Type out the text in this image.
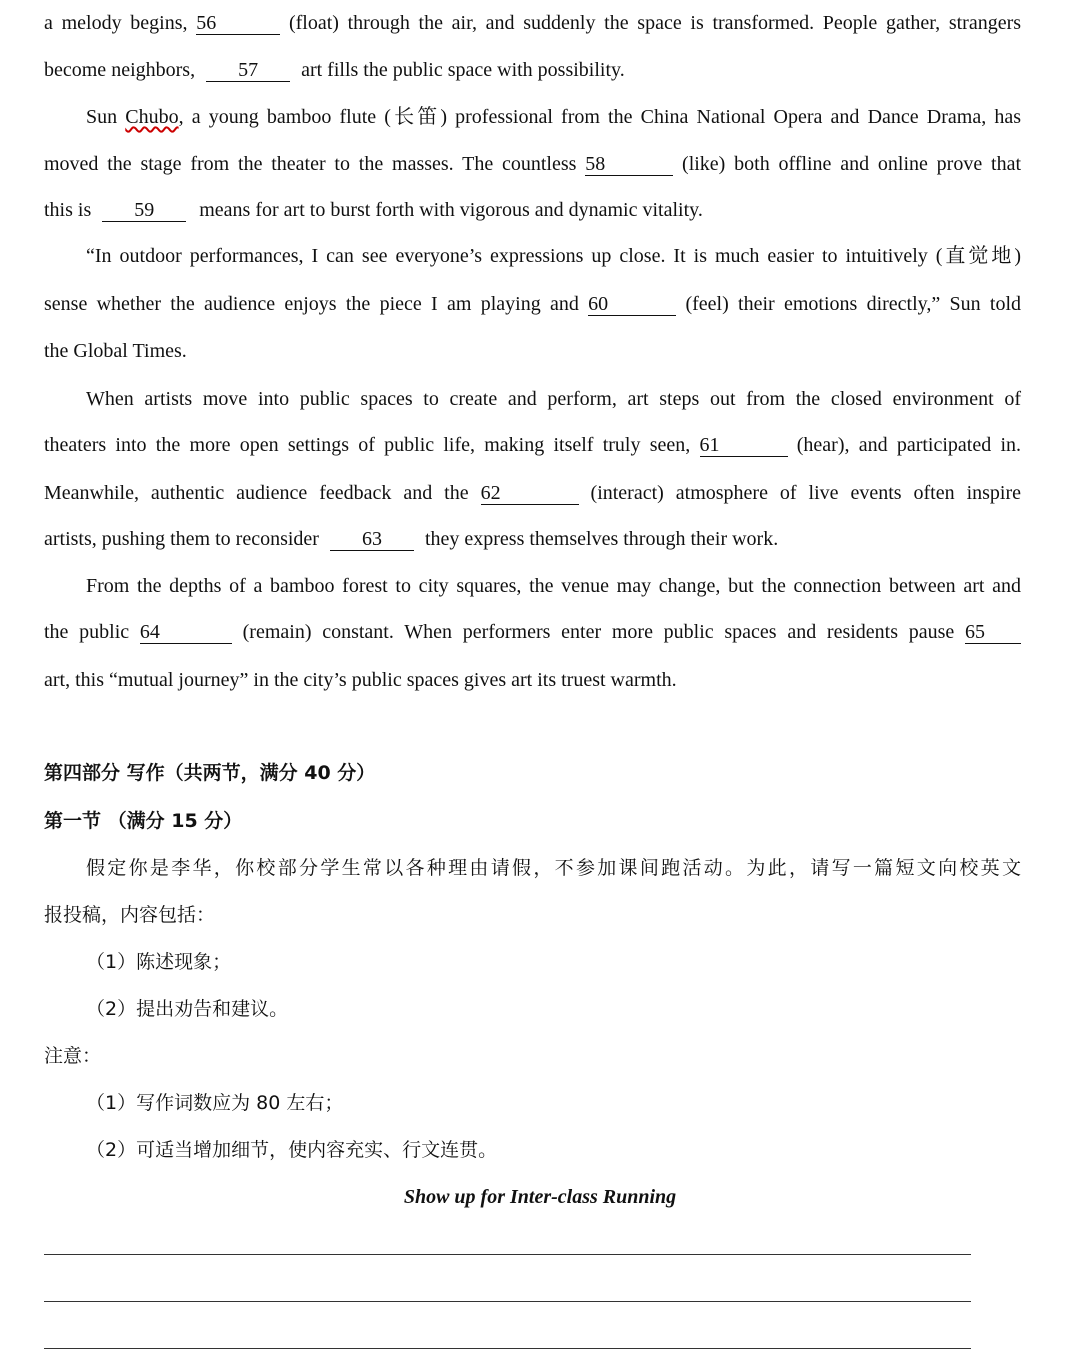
a melody begins, 56	(float) through the air, and suddenly the space is transformed. People gather, strangers
become neighbors, 57 art fills the public space with possibility.
Sun Chubo, a young bamboo flute (长笛) professional from the China National Opera and Dance Drama, has
moved the stage from the theater to the masses. The countless 58	(like) both offline and online prove that
this is 59 means for art to burst forth with vigorous and dynamic vitality.
“In outdoor performances, I can see everyone’s expressions up close. It is much easier to intuitively (直觉地)
sense whether the audience enjoys the piece I am playing and 60	(feel) their emotions directly,” Sun told
the Global Times.
When artists move into public spaces to create and perform, art steps out from the closed environment of
theaters into the more open settings of public life, making itself truly seen, 61	(hear), and participated in.
Meanwhile, authentic audience feedback and the 62	(interact) atmosphere of live events often inspire
artists, pushing them to reconsider 63 they express themselves through their work.
From the depths of a bamboo forest to city squares, the venue may change, but the connection between art and
the public 64	(remain) constant. When performers enter more public spaces and residents pause 65
art, this “mutual journey” in the city’s public spaces gives art its truest warmth.
第四部分 写作（共两节，满分 40 分）
第一节 （满分 15 分）
假定你是李华，你校部分学生常以各种理由请假，不参加课间跑活动。为此，请写一篇短文向校英文
报投稿，内容包括：
（1）陈述现象；
（2）提出劝告和建议。
注意：
（1）写作词数应为 80 左右；
（2）可适当增加细节，使内容充实、行文连贯。
Show up for Inter-class Running
